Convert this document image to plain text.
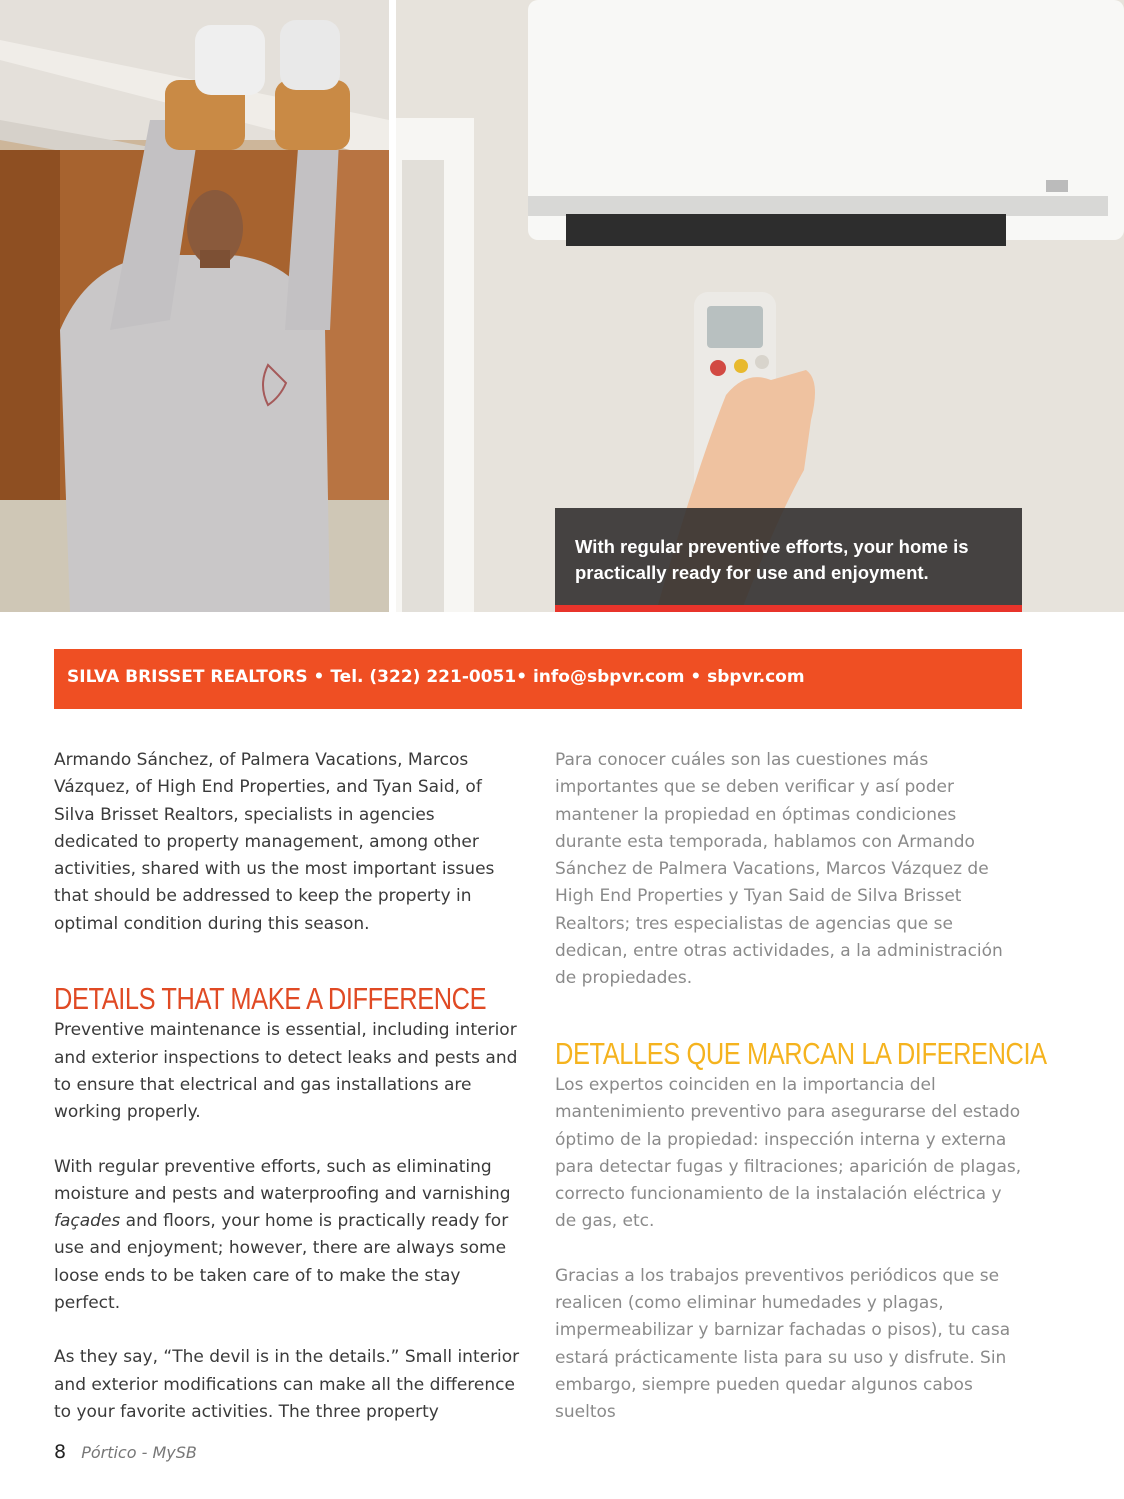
With regular preventive efforts, your home is practically ready for use and enjoyment.
SILVA BRISSET REALTORS • Tel. (322) 221-0051• info@sbpvr.com • sbpvr.com

Armando Sánchez, of Palmera Vacations, Marcos Vázquez, of High End Properties, and Tyan Said, of Silva Brisset Realtors, specialists in agencies dedicated to property management, among other activities, shared with us the most important issues that should be addressed to keep the property in optimal condition during this season.

DETAILS THAT MAKE A DIFFERENCE

Preventive maintenance is essential, including interior and exterior inspections to detect leaks and pests and to ensure that electrical and gas installations are working properly.

With regular preventive efforts, such as eliminating moisture and pests and waterproofing and varnishing façades and floors, your home is practically ready for use and enjoyment; however, there are always some loose ends to be taken care of to make the stay perfect.

As they say, “The devil is in the details.” Small interior and exterior modifications can make all the difference to your favorite activities. The three property

Para conocer cuáles son las cuestiones más importantes que se deben verificar y así poder mantener la propiedad en óptimas condiciones durante esta temporada, hablamos con Armando Sánchez de Palmera Vacations, Marcos Vázquez de High End Properties y Tyan Said de Silva Brisset Realtors; tres especialistas de agencias que se dedican, entre otras actividades, a la administración de propiedades.

DETALLES QUE MARCAN LA DIFERENCIA

Los expertos coinciden en la importancia del mantenimiento preventivo para asegurarse del estado óptimo de la propiedad: inspección interna y externa para detectar fugas y filtraciones; aparición de plagas, correcto funcionamiento de la instalación eléctrica y de gas, etc.

Gracias a los trabajos preventivos periódicos que se realicen (como eliminar humedades y plagas, impermeabilizar y barnizar fachadas o pisos), tu casa estará prácticamente lista para su uso y disfrute. Sin embargo, siempre pueden quedar algunos cabos sueltos

8 Pórtico - MySB
